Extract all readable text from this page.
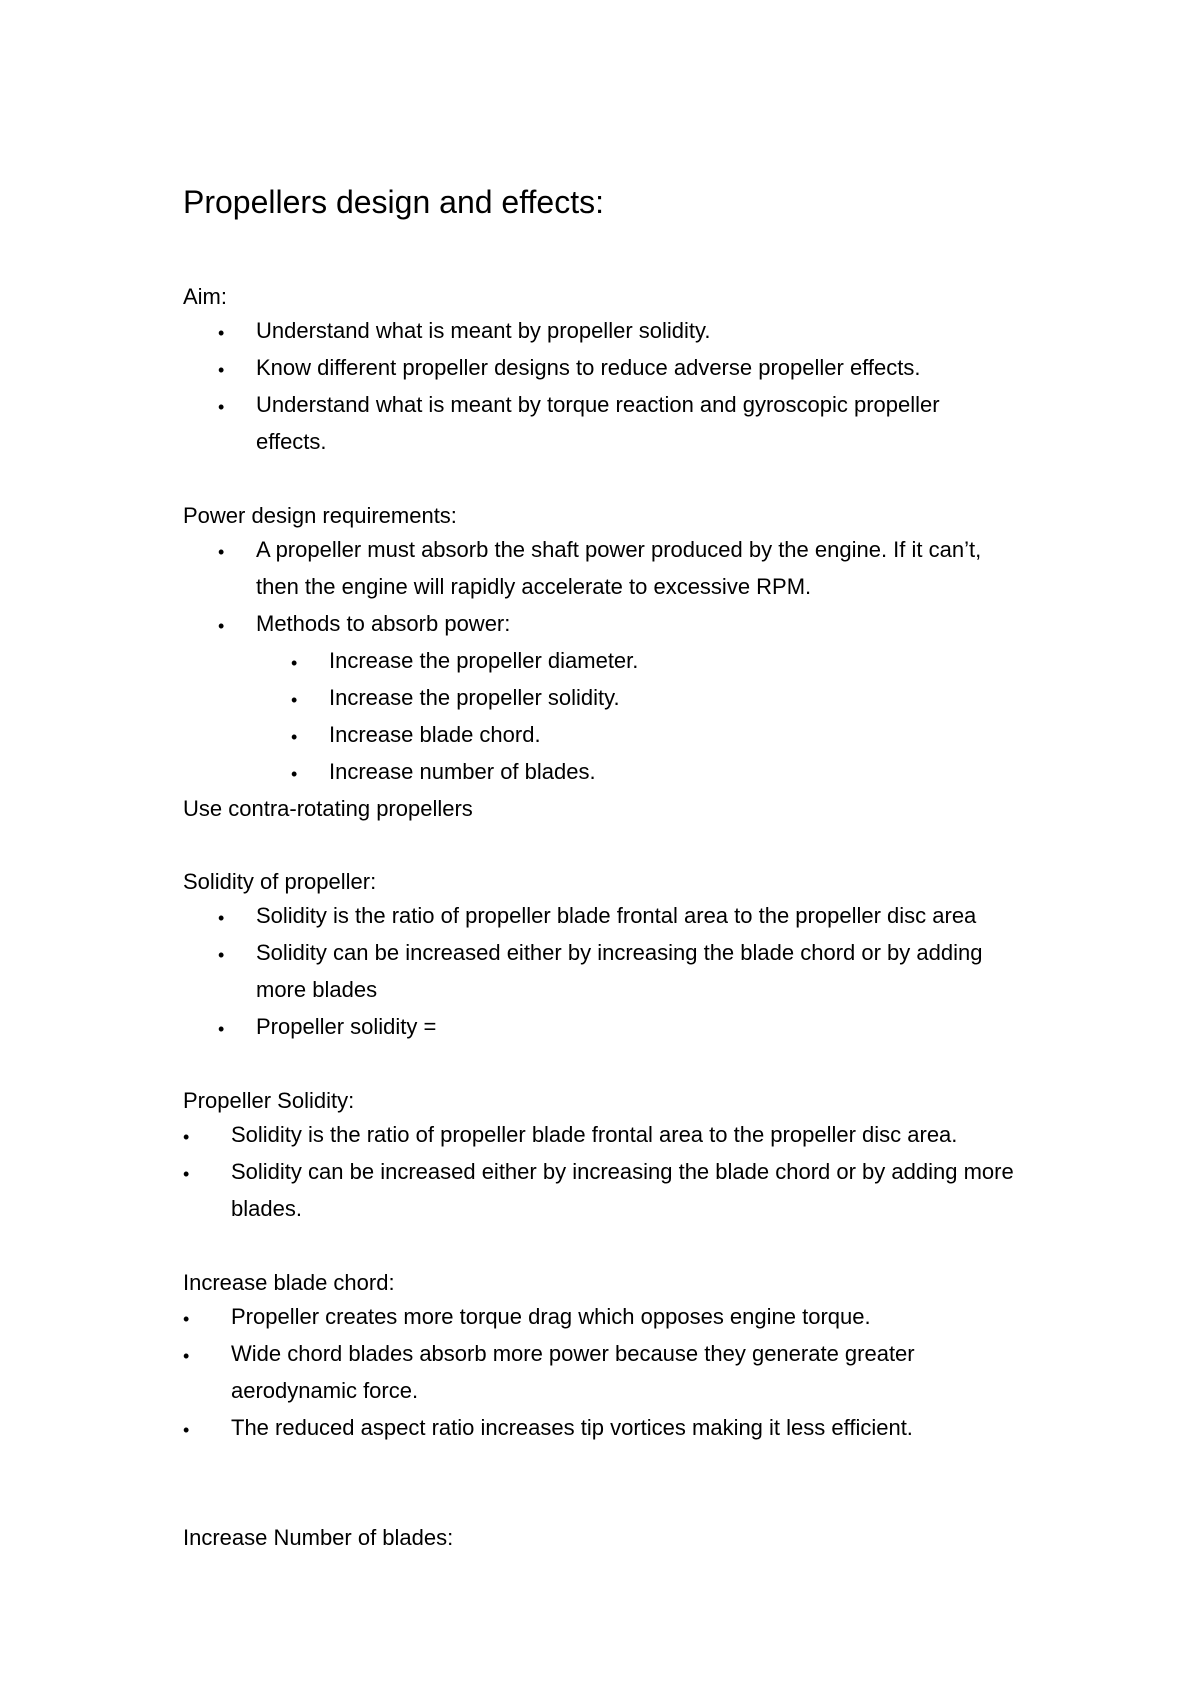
Propellers design and effects:
Aim:
• Understand what is meant by propeller solidity.
• Know different propeller designs to reduce adverse propeller effects.
• Understand what is meant by torque reaction and gyroscopic propeller
effects.
Power design requirements:
• A propeller must absorb the shaft power produced by the engine. If it can’t,
then the engine will rapidly accelerate to excessive RPM.
• Methods to absorb power:
• Increase the propeller diameter.
• Increase the propeller solidity.
• Increase blade chord.
• Increase number of blades.
Use contra-rotating propellers
Solidity of propeller:
• Solidity is the ratio of propeller blade frontal area to the propeller disc area
• Solidity can be increased either by increasing the blade chord or by adding
more blades
• Propeller solidity =
Propeller Solidity:
• Solidity is the ratio of propeller blade frontal area to the propeller disc area.
• Solidity can be increased either by increasing the blade chord or by adding more
blades.
Increase blade chord:
• Propeller creates more torque drag which opposes engine torque.
• Wide chord blades absorb more power because they generate greater
aerodynamic force.
• The reduced aspect ratio increases tip vortices making it less efficient.
Increase Number of blades:
